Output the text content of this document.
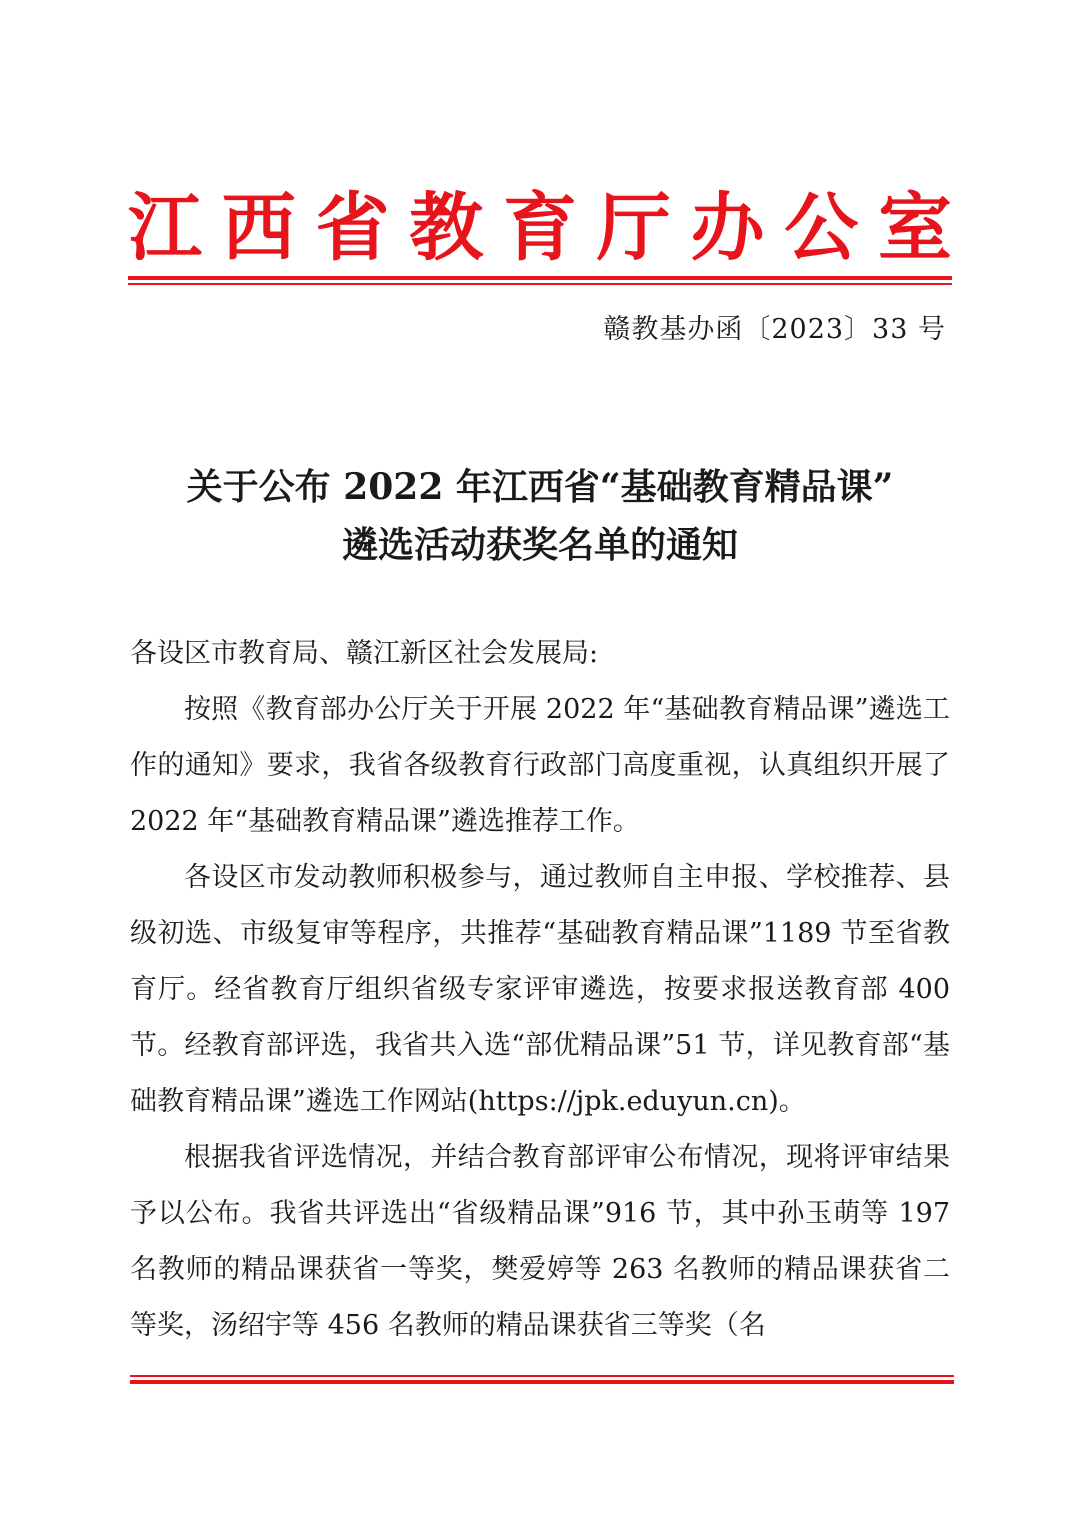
江 西 省 教 育 厅 办 公 室
赣教基办函〔2023〕33 号
关于公布 2022 年江西省“基础教育精品课”
遴选活动获奖名单的通知

各设区市教育局、赣江新区社会发展局:

按照《教育部办公厅关于开展 2022 年“基础教育精品课”遴选工作的通知》要求，我省各级教育行政部门高度重视，认真组织开展了 2022 年“基础教育精品课”遴选推荐工作。

各设区市发动教师积极参与，通过教师自主申报、学校推荐、县级初选、市级复审等程序，共推荐“基础教育精品课”1189 节至省教育厅。经省教育厅组织省级专家评审遴选，按要求报送教育部 400 节。经教育部评选，我省共入选“部优精品课”51 节，详见教育部“基础教育精品课”遴选工作网站(https://jpk.eduyun.cn)。

根据我省评选情况，并结合教育部评审公布情况，现将评审结果予以公布。我省共评选出“省级精品课”916 节，其中孙玉萌等 197 名教师的精品课获省一等奖，樊爱婷等 263 名教师的精品课获省二等奖，汤绍宇等 456 名教师的精品课获省三等奖（名
